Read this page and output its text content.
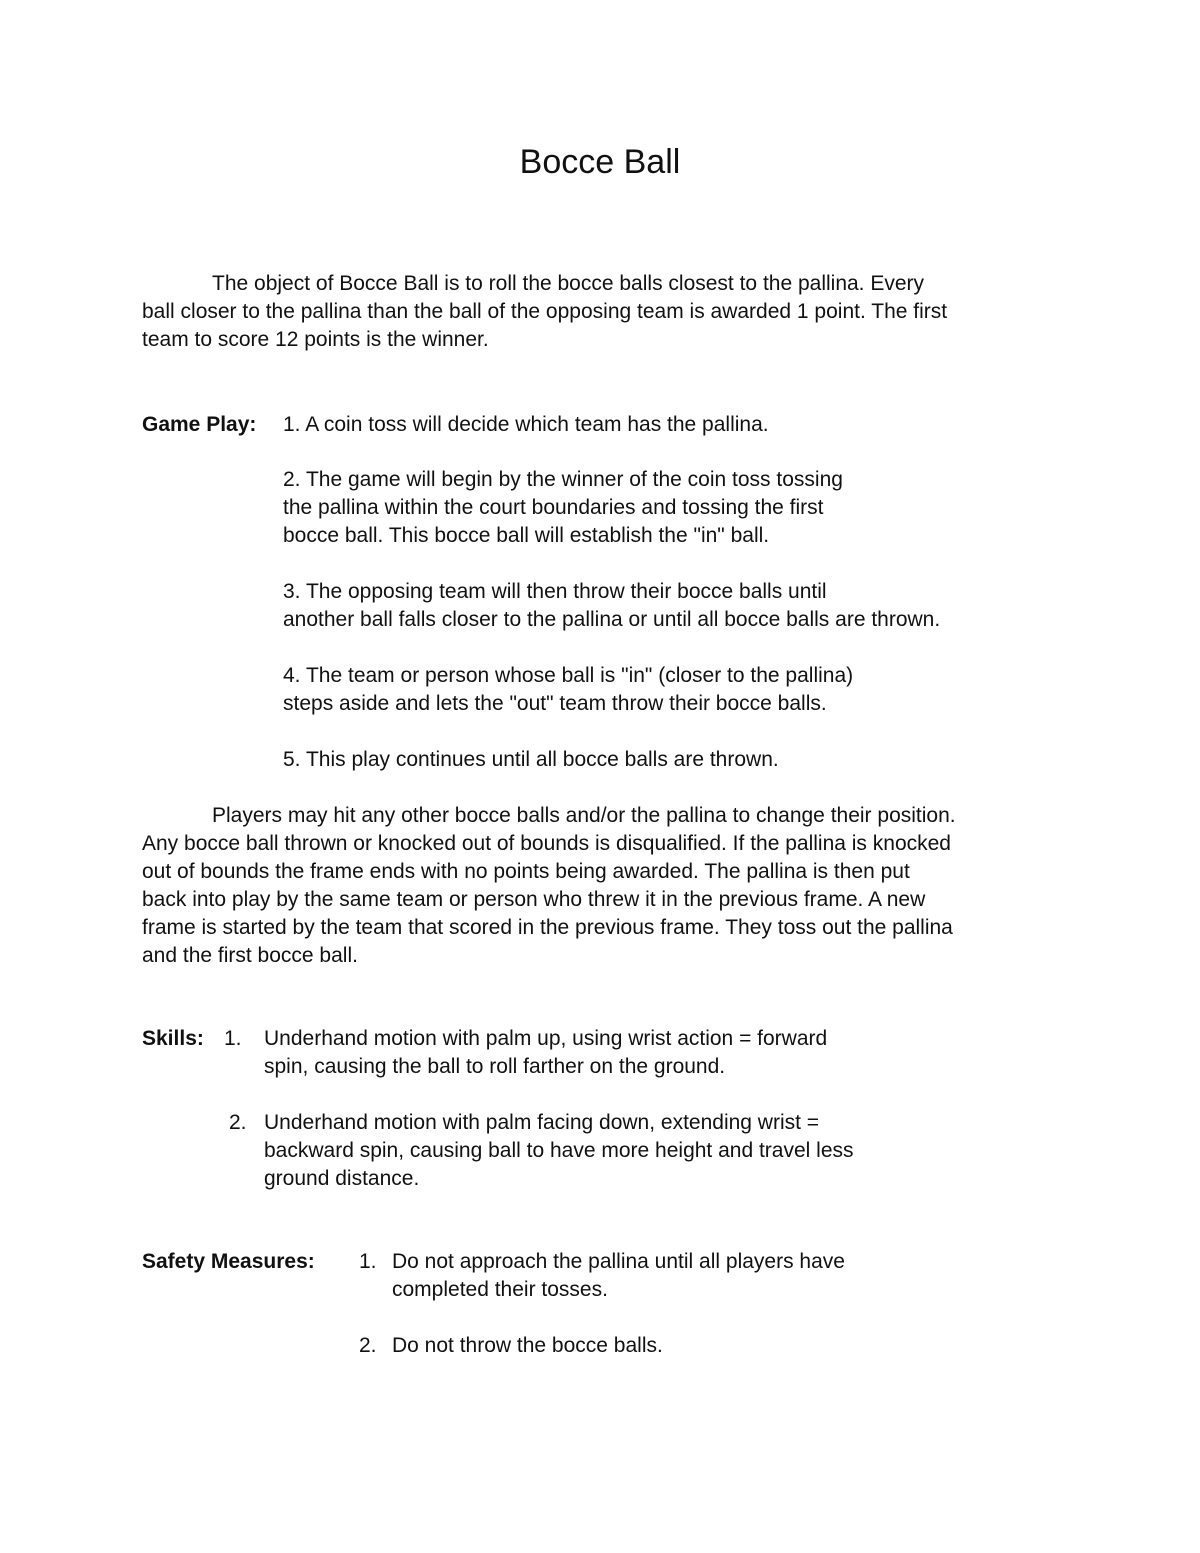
Bocce Ball
The object of Bocce Ball is to roll the bocce balls closest to the pallina. Every
ball closer to the pallina than the ball of the opposing team is awarded 1 point. The first
team to score 12 points is the winner.
Game Play: 1. A coin toss will decide which team has the pallina.
2. The game will begin by the winner of the coin toss tossing
the pallina within the court boundaries and tossing the first
bocce ball. This bocce ball will establish the "in" ball.
3. The opposing team will then throw their bocce balls until
another ball falls closer to the pallina or until all bocce balls are thrown.
4. The team or person whose ball is "in" (closer to the pallina)
steps aside and lets the "out" team throw their bocce balls.
5. This play continues until all bocce balls are thrown.
Players may hit any other bocce balls and/or the pallina to change their position.
Any bocce ball thrown or knocked out of bounds is disqualified. If the pallina is knocked
out of bounds the frame ends with no points being awarded. The pallina is then put
back into play by the same team or person who threw it in the previous frame. A new
frame is started by the team that scored in the previous frame. They toss out the pallina
and the first bocce ball.
Skills: 1. Underhand motion with palm up, using wrist action = forward
spin, causing the ball to roll farther on the ground.
2. Underhand motion with palm facing down, extending wrist =
backward spin, causing ball to have more height and travel less
ground distance.
Safety Measures: 1. Do not approach the pallina until all players have
completed their tosses.
2. Do not throw the bocce balls.
